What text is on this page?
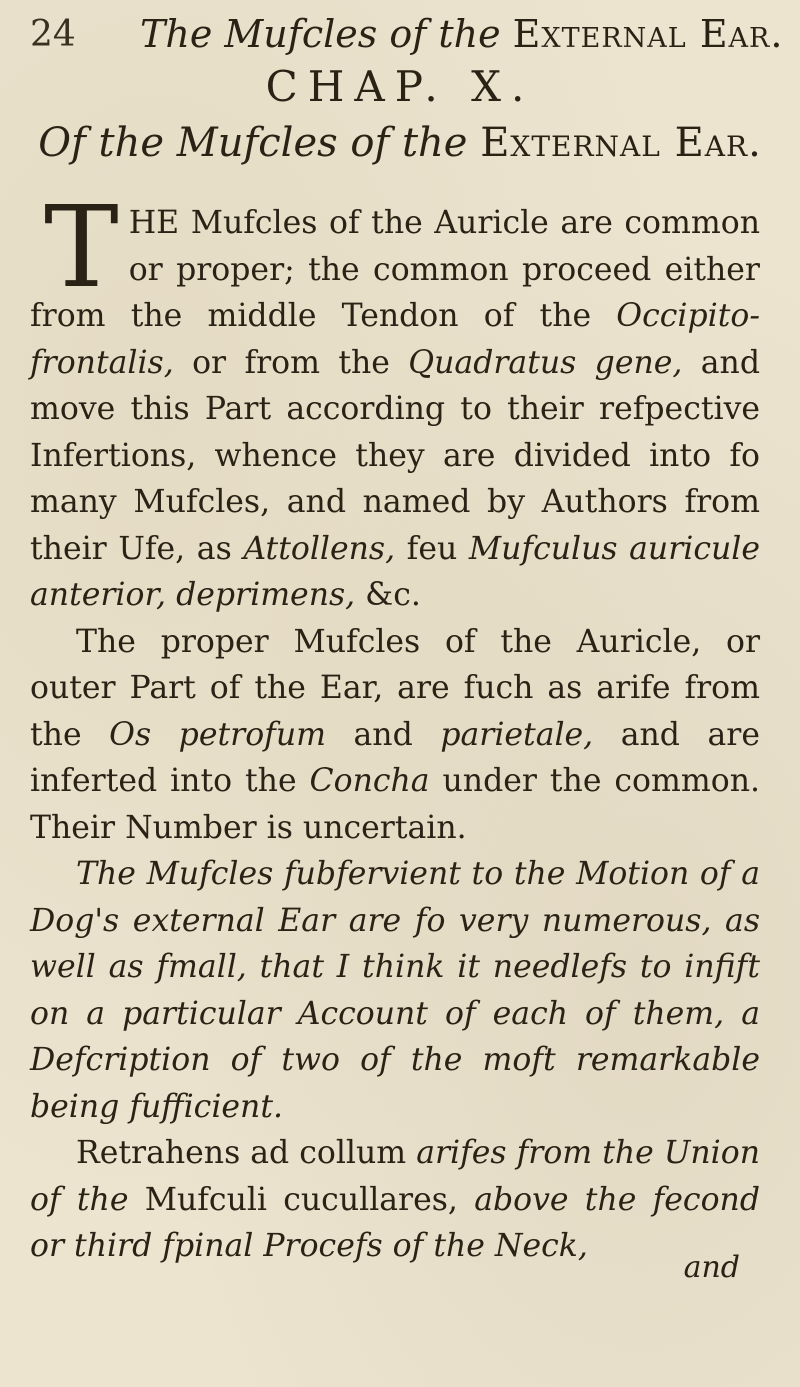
24 The Mufcles of the External Ear.
CHAP. X.
Of the Mufcles of the External Ear.

THE Mufcles of the Auricle are common or proper; the common proceed either from the middle Tendon of the Occipito-frontalis, or from the Quadratus gene, and move this Part according to their refpective Infertions, whence they are divided into fo many Mufcles, and named by Authors from their Ufe, as Attollens, feu Mufculus auricule anterior, deprimens, &c.

The proper Mufcles of the Auricle, or outer Part of the Ear, are fuch as arife from the Os petrofum and parietale, and are inferted into the Concha under the common. Their Number is uncertain.

The Mufcles fubfervient to the Motion of a Dog's external Ear are fo very numerous, as well as fmall, that I think it needlefs to infift on a particular Account of each of them, a Defcription of two of the moft remarkable being fufficient.

Retrahens ad collum arifes from the Union of the Mufculi cucullares, above the fecond or third fpinal Procefs of the Neck,

and
